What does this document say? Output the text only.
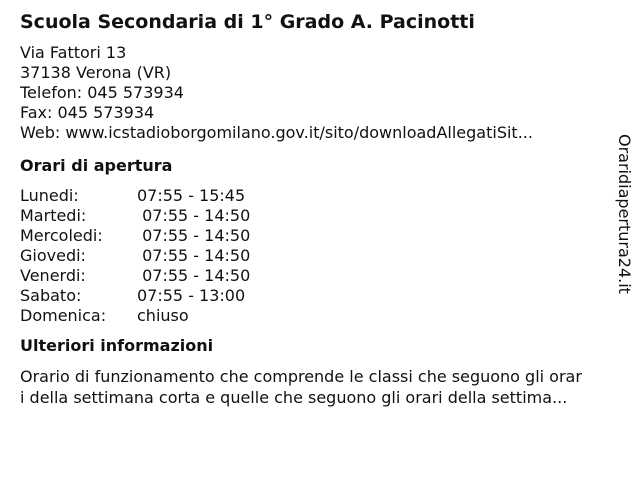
Scuola Secondaria di 1° Grado A. Pacinotti
Via Fattori 13
37138 Verona (VR)
Telefon: 045 573934
Fax: 045 573934
Web: www.icstadioborgomilano.gov.it/sito/downloadAllegatiSit...
Orari di apertura
Lunedi:	07:55 - 15:45
Martedi:	07:55 - 14:50
Mercoledi:	07:55 - 14:50
Giovedi:	07:55 - 14:50
Venerdi:	07:55 - 14:50
Sabato:	07:55 - 13:00
Domenica:	chiuso
Ulteriori informazioni
Orario di funzionamento che comprende le classi che seguono gli orar
i della settimana corta e quelle che seguono gli orari della settima...
Oraridiapertura24.it
